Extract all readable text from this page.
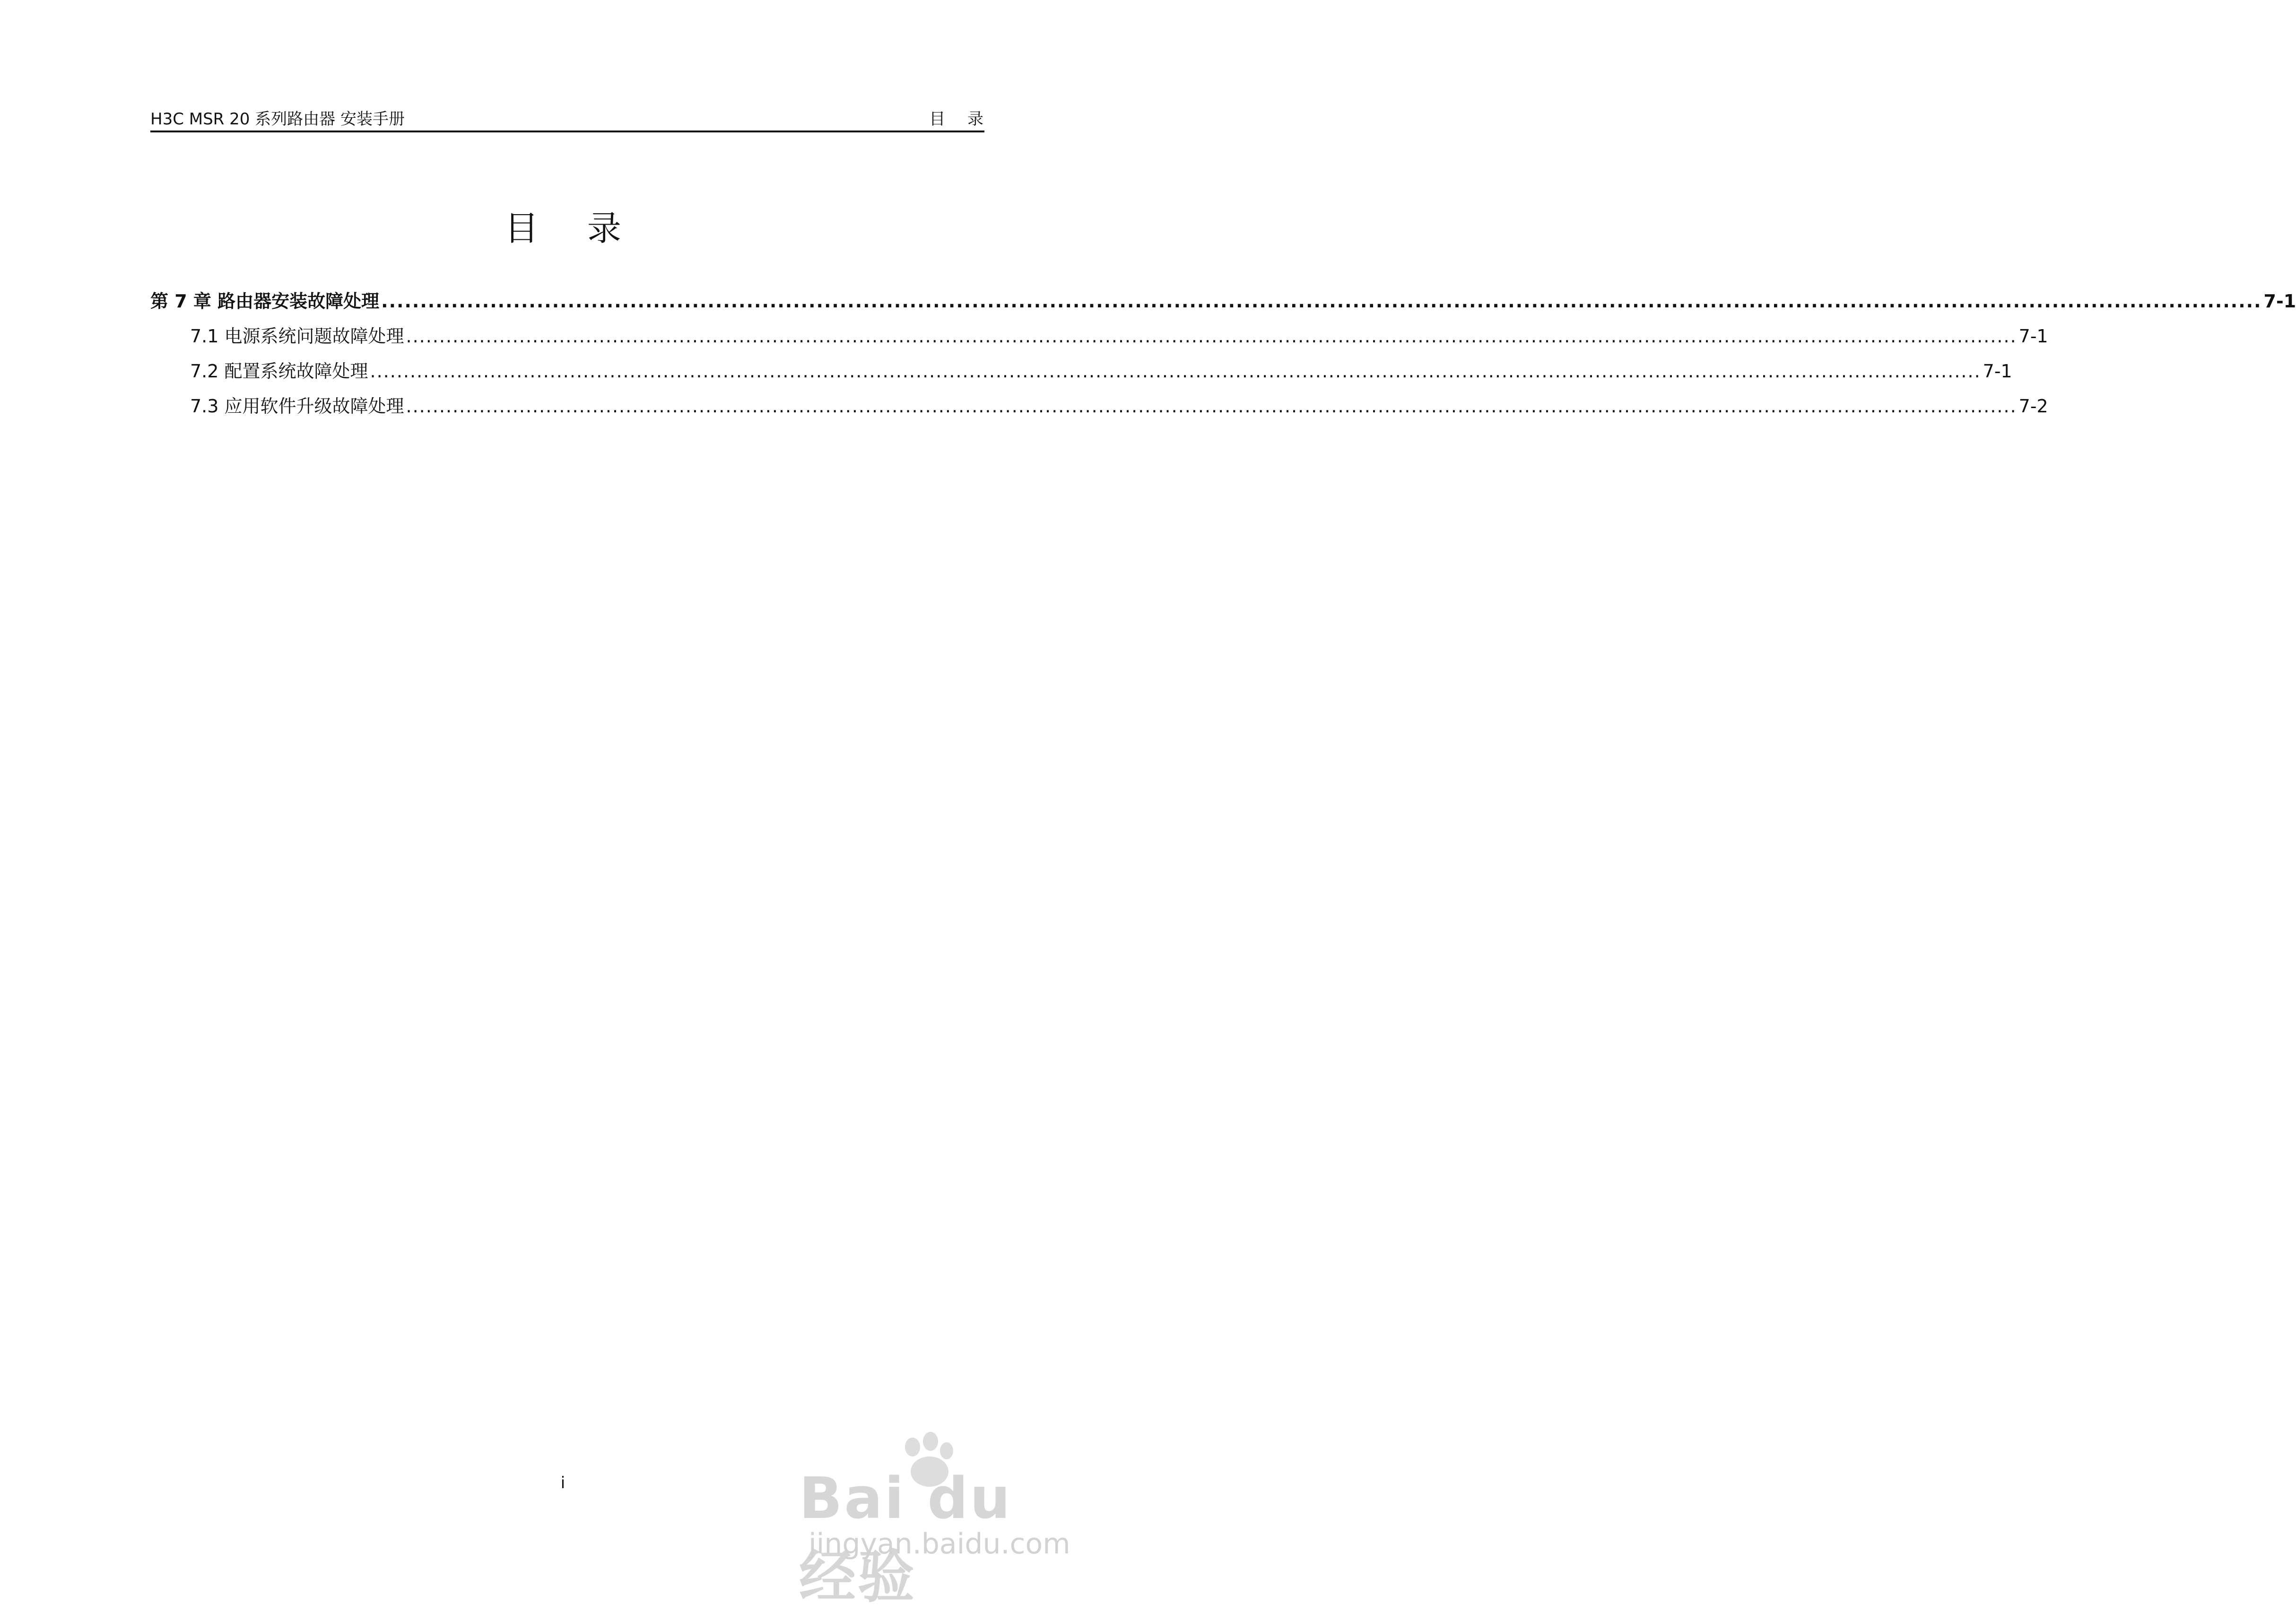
H3C MSR 20 系列路由器 安装手册	目 录
目 录
第 7 章 路由器安装故障处理 .................................................................................................................................................................................................................................................. 7-1
7.1 电源系统问题故障处理 .................................................................................................................................................................................................................................................. 7-1
7.2 配置系统故障处理 .................................................................................................................................................................................................................................................. 7-1
7.3 应用软件升级故障处理 .................................................................................................................................................................................................................................................. 7-2
i	Bai du 经验
jingyan.baidu.com
